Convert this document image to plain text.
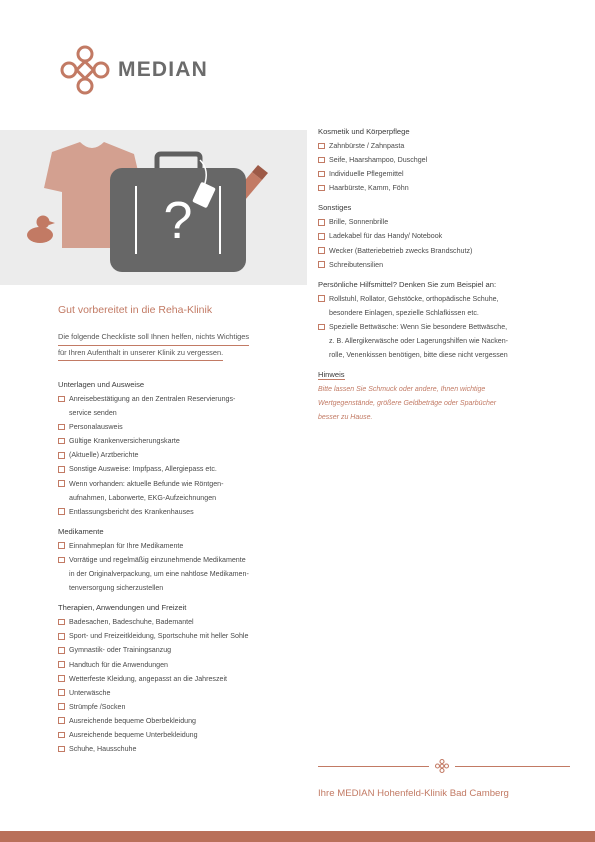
MEDIAN
?
Gut vorbereitet in die Reha-Klinik
Die folgende Checkliste soll Ihnen helfen, nichts Wichtiges
für Ihren Aufenthalt in unserer Klinik zu vergessen.
Unterlagen und Ausweise
Anreisebestätigung an den Zentralen Reservierungs-
service senden
Personalausweis
Gültige Krankenversicherungskarte
(Aktuelle) Arztberichte
Sonstige Ausweise: Impfpass, Allergiepass etc.
Wenn vorhanden: aktuelle Befunde wie Röntgen-
aufnahmen, Laborwerte, EKG-Aufzeichnungen
Entlassungsbericht des Krankenhauses
Medikamente
Einnahmeplan für Ihre Medikamente
Vorrätige und regelmäßig einzunehmende Medikamente
in der Originalverpackung, um eine nahtlose Medikamen-
tenversorgung sicherzustellen
Therapien, Anwendungen und Freizeit
Badesachen, Badeschuhe, Bademantel
Sport- und Freizeitkleidung, Sportschuhe mit heller Sohle
Gymnastik- oder Trainingsanzug
Handtuch für die Anwendungen
Wetterfeste Kleidung, angepasst an die Jahreszeit
Unterwäsche
Strümpfe /Socken
Ausreichende bequeme Oberbekleidung
Ausreichende bequeme Unterbekleidung
Schuhe, Hausschuhe
Kosmetik und Körperpflege
Zahnbürste / Zahnpasta
Seife, Haarshampoo, Duschgel
Individuelle Pflegemittel
Haarbürste, Kamm, Föhn
Sonstiges
Brille, Sonnenbrille
Ladekabel für das Handy/ Notebook
Wecker (Batteriebetrieb zwecks Brandschutz)
Schreibutensilien
Persönliche Hilfsmittel? Denken Sie zum Beispiel an:
Rollstuhl, Rollator, Gehstöcke, orthopädische Schuhe,
besondere Einlagen, spezielle Schlafkissen etc.
Spezielle Bettwäsche: Wenn Sie besondere Bettwäsche,
z. B. Allergikerwäsche oder Lagerungshilfen wie Nacken-
rolle, Venenkissen benötigen, bitte diese nicht vergessen
Hinweis
Bitte lassen Sie Schmuck oder andere, Ihnen wichtige
Wertgegenstände, größere Geldbeträge oder Sparbücher
besser zu Hause.
Ihre MEDIAN Hohenfeld-Klinik Bad Camberg
